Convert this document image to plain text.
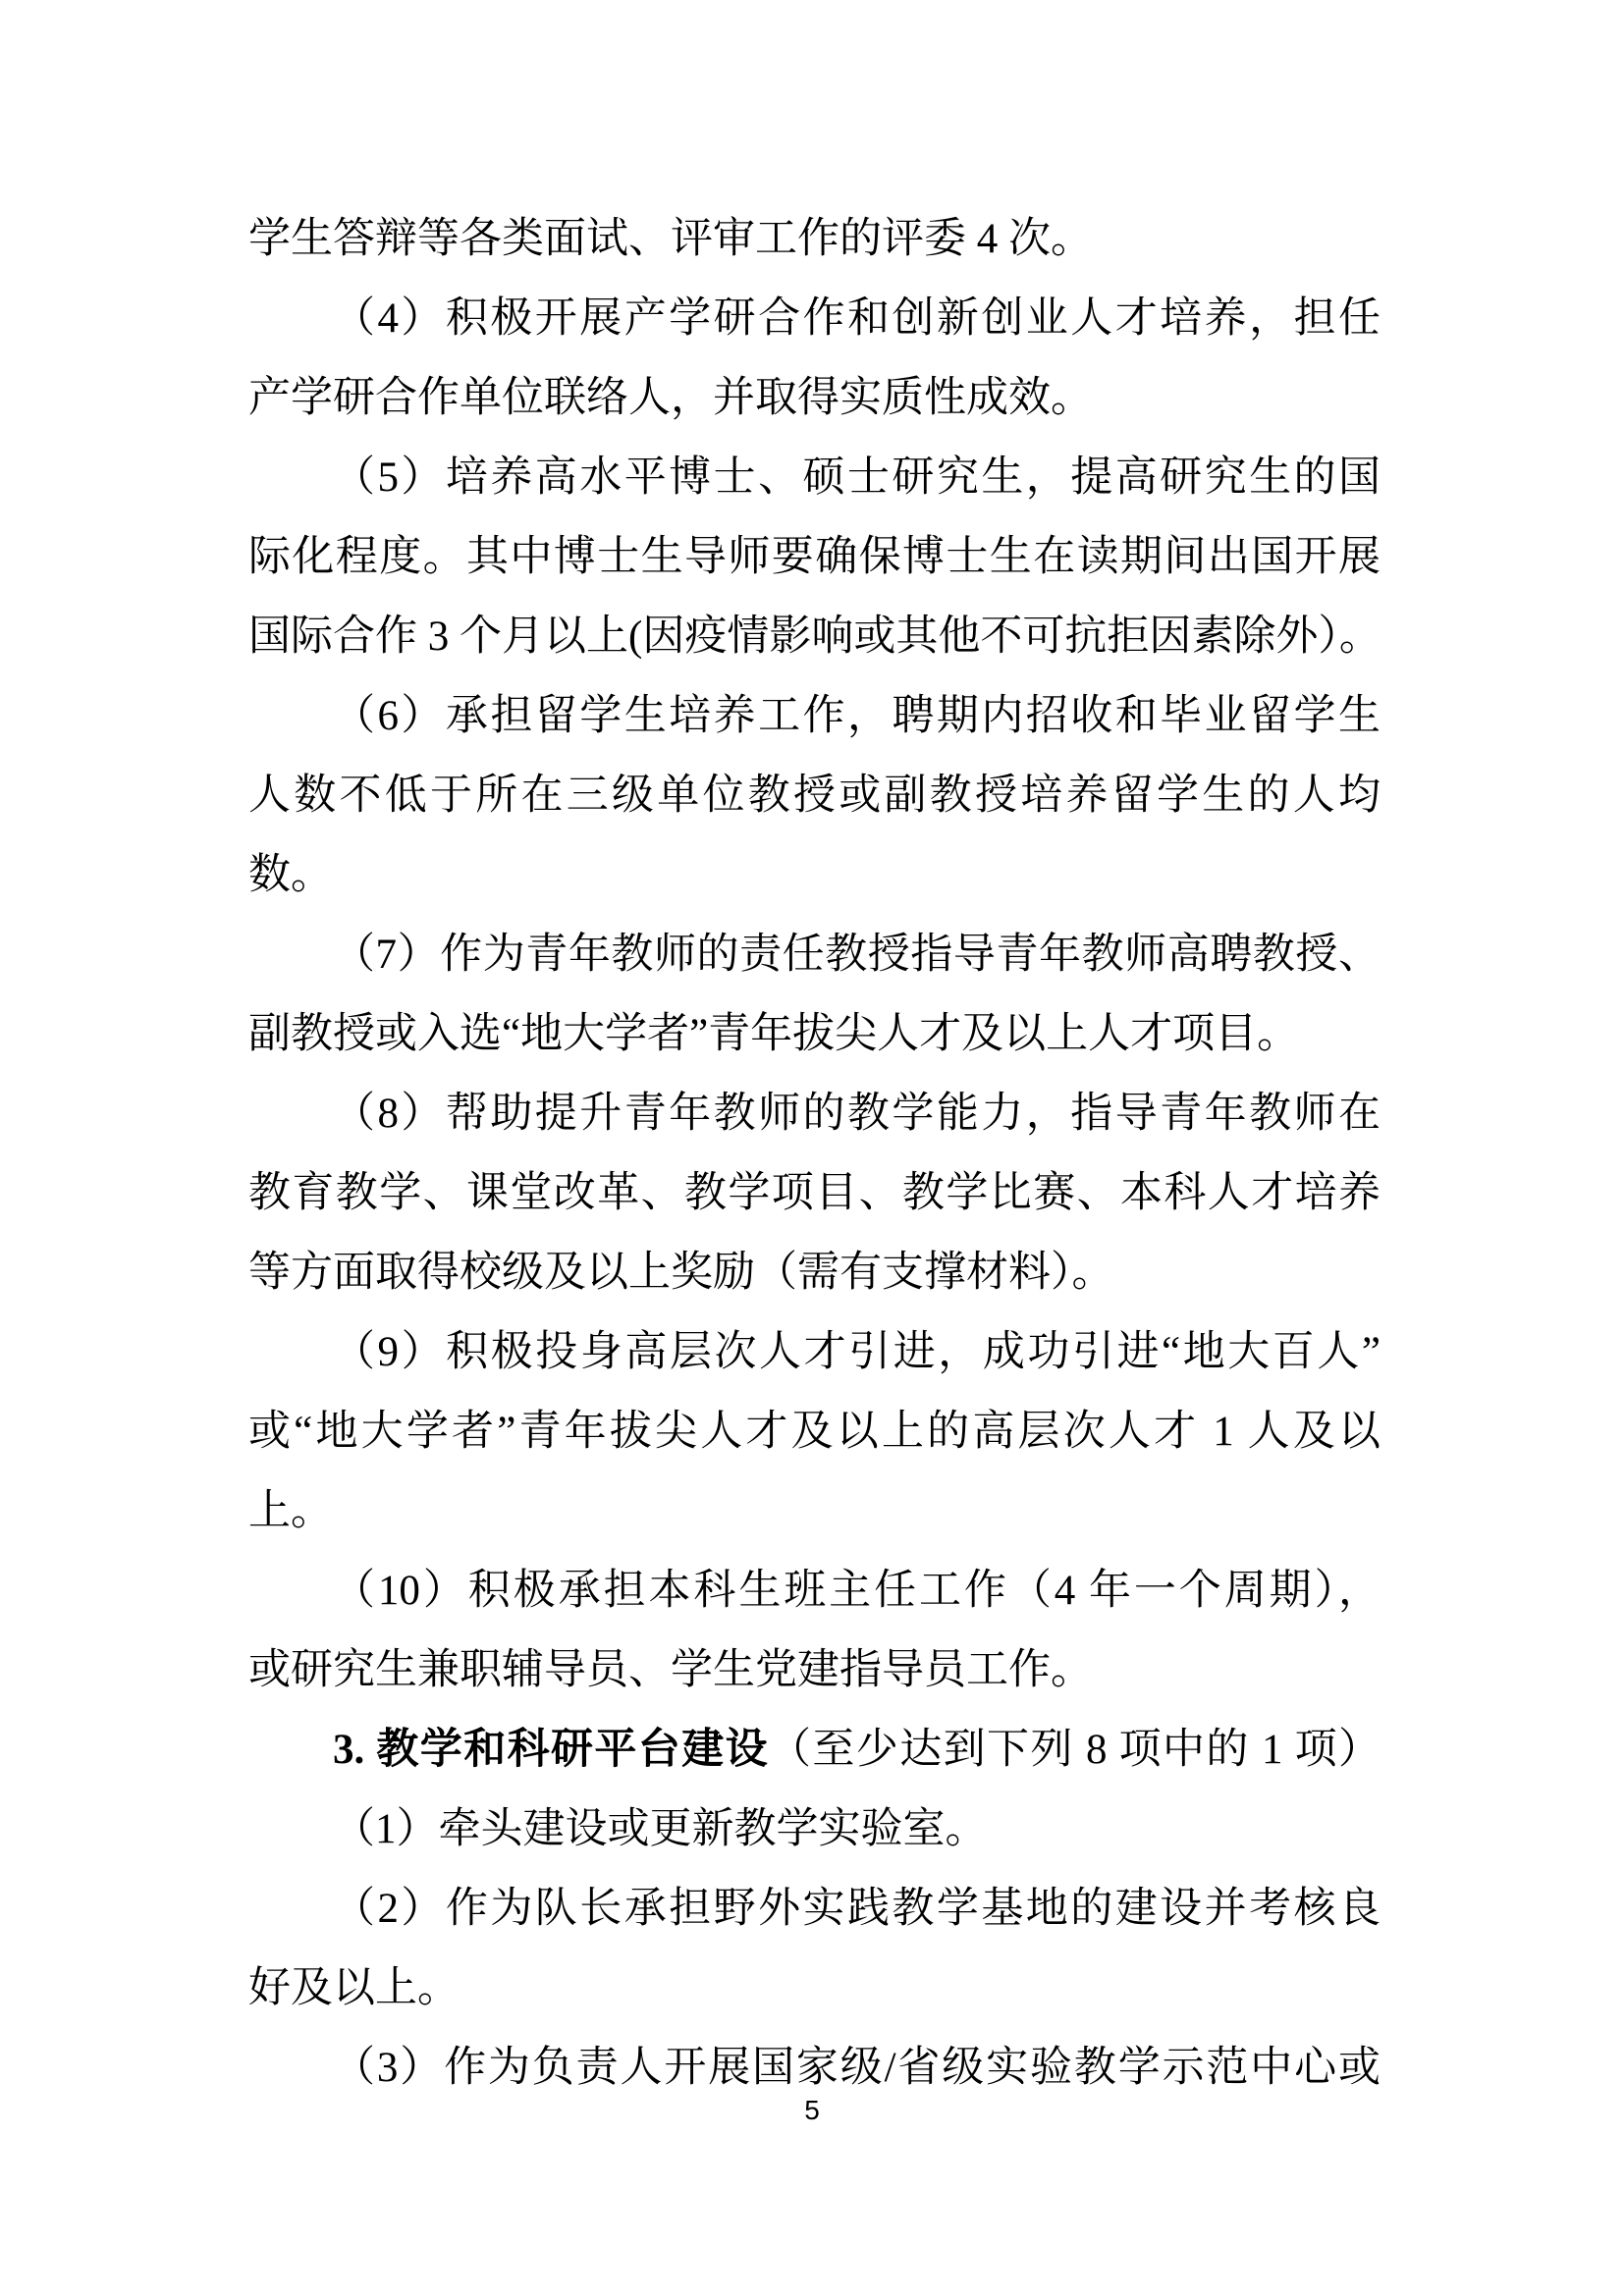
学生答辩等各类面试、评审工作的评委 4 次。
（4）积极开展产学研合作和创新创业人才培养，担任
产学研合作单位联络人，并取得实质性成效。
（5）培养高水平博士、硕士研究生，提高研究生的国
际化程度。其中博士生导师要确保博士生在读期间出国开展
国际合作 3 个月以上(因疫情影响或其他不可抗拒因素除外）。
（6）承担留学生培养工作，聘期内招收和毕业留学生
人数不低于所在三级单位教授或副教授培养留学生的人均
数。
（7）作为青年教师的责任教授指导青年教师高聘教授、
副教授或入选“地大学者”青年拔尖人才及以上人才项目。
（8）帮助提升青年教师的教学能力，指导青年教师在
教育教学、课堂改革、教学项目、教学比赛、本科人才培养
等方面取得校级及以上奖励（需有支撑材料）。
（9）积极投身高层次人才引进，成功引进“地大百人”
或“地大学者”青年拔尖人才及以上的高层次人才 1 人及以
上。
（10）积极承担本科生班主任工作（4 年一个周期），
或研究生兼职辅导员、学生党建指导员工作。
3. 教学和科研平台建设（至少达到下列 8 项中的 1 项）
（1）牵头建设或更新教学实验室。
（2）作为队长承担野外实践教学基地的建设并考核良
好及以上。
（3）作为负责人开展国家级/省级实验教学示范中心或
5
